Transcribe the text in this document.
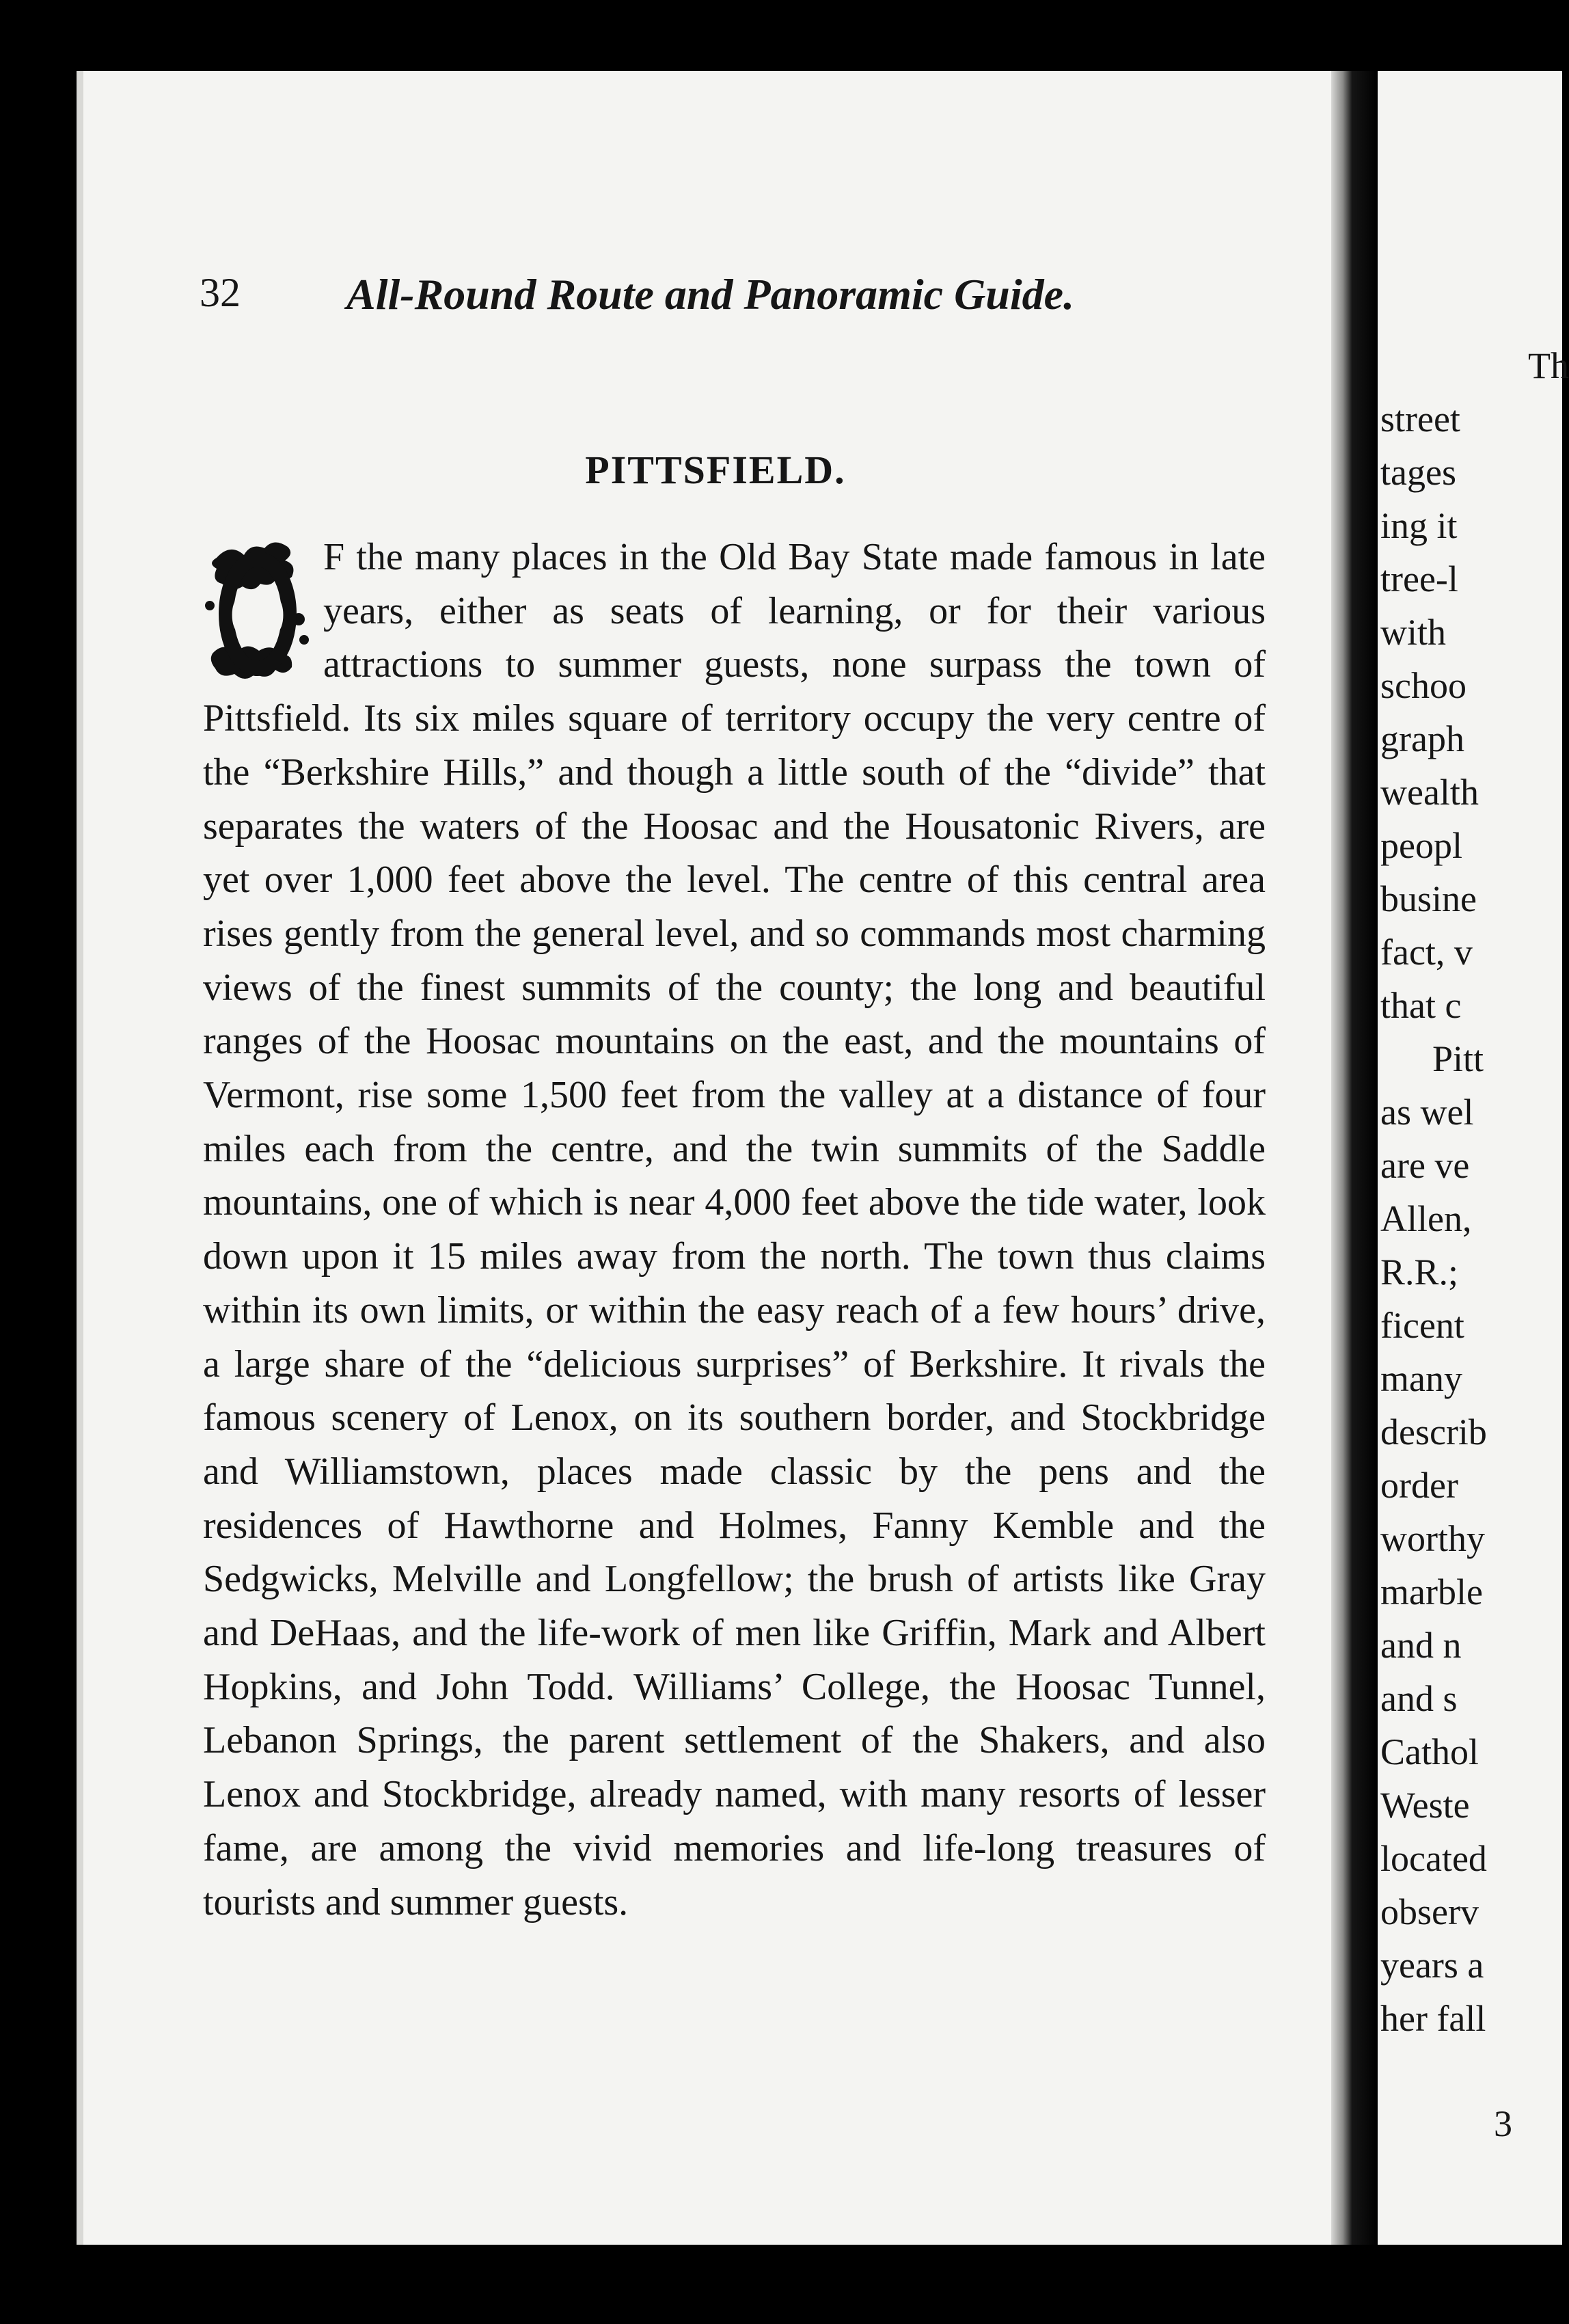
32 All-Round Route and Panoramic Guide.
PITTSFIELD.
O

F the many places in the Old Bay State made famous in late years, either as seats of learning, or for their various attractions to summer guests, none surpass the town of Pittsfield. Its six miles square of territory occupy the very centre of the “Berkshire Hills,” and though a little south of the “divide” that separates the waters of the Hoosac and the Housatonic Rivers, are yet over 1,000 feet above the level. The centre of this central area rises gently from the general level, and so commands most charming views of the finest summits of the county; the long and beautiful ranges of the Hoosac mountains on the east, and the mountains of Vermont, rise some 1,500 feet from the valley at a distance of four miles each from the centre, and the twin summits of the Saddle mountains, one of which is near 4,000 feet above the tide water, look down upon it 15 miles away from the north. The town thus claims within its own limits, or within the easy reach of a few hours’ drive, a large share of the “delicious surprises” of Berkshire. It rivals the famous scenery of Lenox, on its southern border, and Stockbridge and Williamstown, places made classic by the pens and the residences of Hawthorne and Holmes, Fanny Kemble and the Sedgwicks, Melville and Longfellow; the brush of artists like Gray and DeHaas, and the life-work of men like Griffin, Mark and Albert Hopkins, and John Todd. Williams’ College, the Hoosac Tunnel, Lebanon Springs, the parent settlement of the Shakers, and also Lenox and Stockbridge, already named, with many resorts of lesser fame, are among the vivid memories and life-long treasures of tourists and summer guests.

Th
street
tages
ing it
tree-l
with
schoo
graph
wealth
peopl
busine
fact, v
that c
Pitt
as wel
are ve
Allen,
R.R.;
ficent
many
describ
order
worthy
marble
and n
and s
Cathol
Weste
located
observ
years a
her fall
3
